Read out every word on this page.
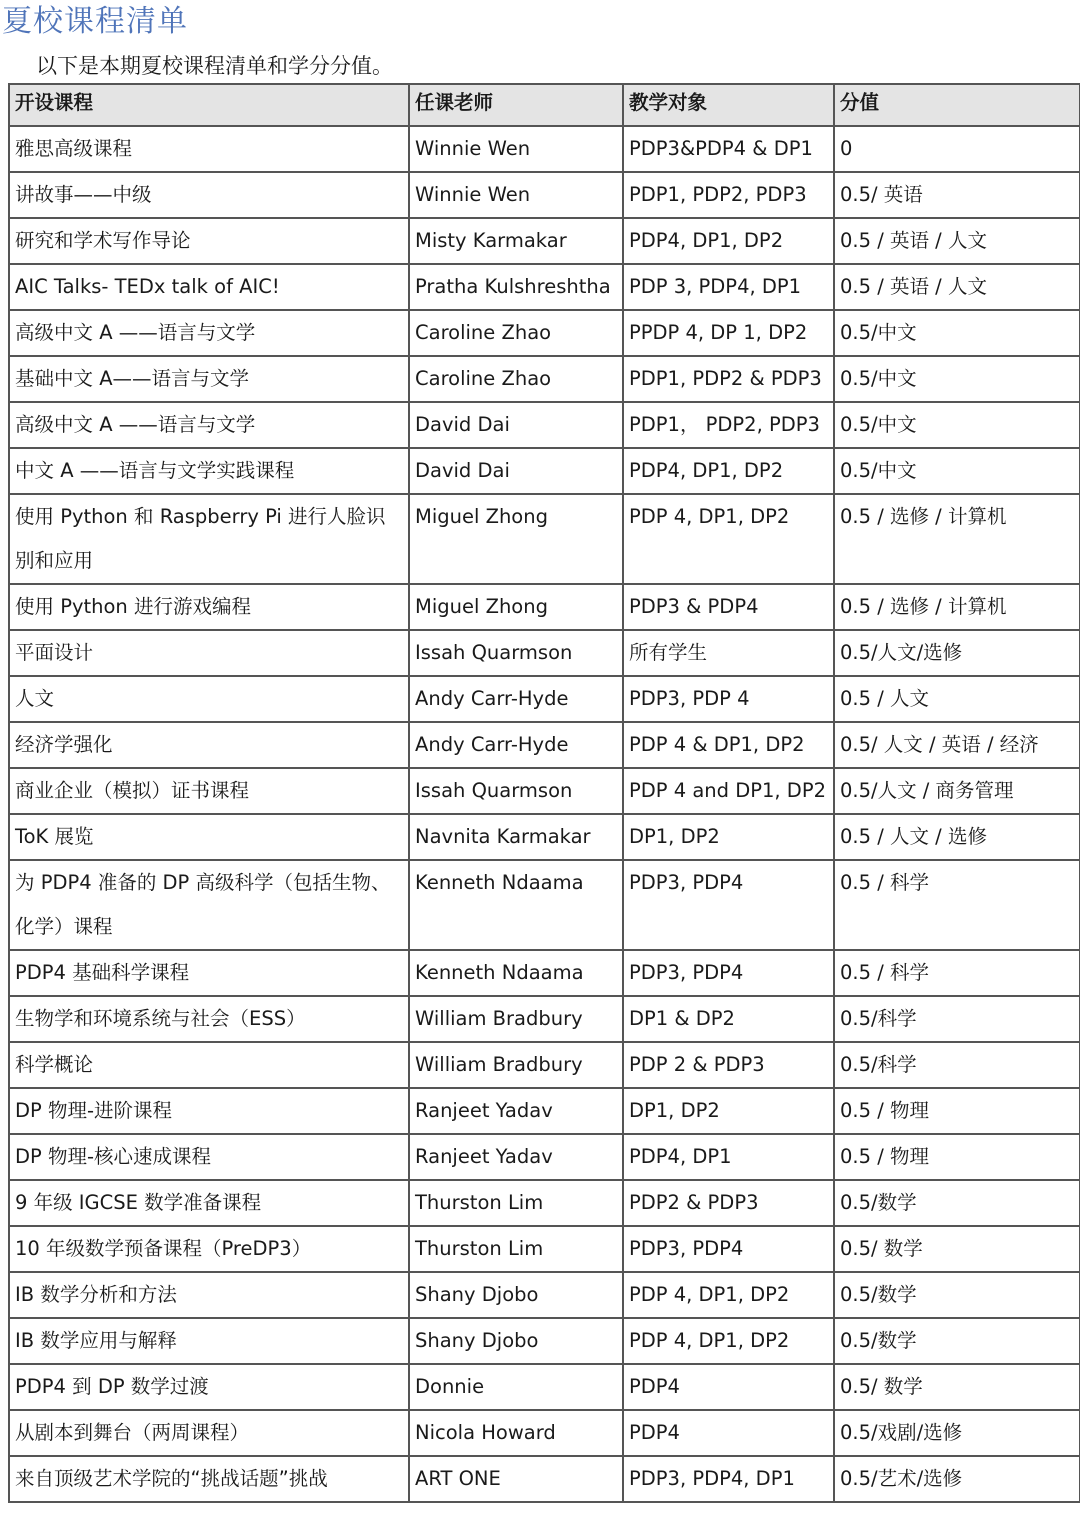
夏校课程清单
以下是本期夏校课程清单和学分分值。
开设课程	任课老师	教学对象	分值
雅思高级课程	Winnie Wen	PDP3&PDP4 & DP1	0
讲故事——中级	Winnie Wen	PDP1, PDP2, PDP3	0.5/ 英语
研究和学术写作导论	Misty Karmakar	PDP4, DP1, DP2	0.5 / 英语 / 人文
AIC Talks- TEDx talk of AIC!	Pratha Kulshreshtha	PDP 3, PDP4, DP1	0.5 / 英语 / 人文
高级中文 A ——语言与文学	Caroline Zhao	PPDP 4, DP 1, DP2	0.5/中文
基础中文 A——语言与文学	Caroline Zhao	PDP1, PDP2 & PDP3	0.5/中文
高级中文 A ——语言与文学	David Dai	PDP1， PDP2, PDP3	0.5/中文
中文 A ——语言与文学实践课程	David Dai	PDP4, DP1, DP2	0.5/中文
使用 Python 和 Raspberry Pi 进行人脸识别和应用	Miguel Zhong	PDP 4, DP1, DP2	0.5 / 选修 / 计算机
使用 Python 进行游戏编程	Miguel Zhong	PDP3 & PDP4	0.5 / 选修 / 计算机
平面设计	Issah Quarmson	所有学生	0.5/人文/选修
人文	Andy Carr-Hyde	PDP3, PDP 4	0.5 / 人文
经济学强化	Andy Carr-Hyde	PDP 4 & DP1, DP2	0.5/ 人文 / 英语 / 经济
商业企业（模拟）证书课程	Issah Quarmson	PDP 4 and DP1, DP2	0.5/人文 / 商务管理
ToK 展览	Navnita Karmakar	DP1, DP2	0.5 / 人文 / 选修
为 PDP4 准备的 DP 高级科学（包括生物、化学）课程	Kenneth Ndaama	PDP3, PDP4	0.5 / 科学
PDP4 基础科学课程	Kenneth Ndaama	PDP3, PDP4	0.5 / 科学
生物学和环境系统与社会（ESS）	William Bradbury	DP1 & DP2	0.5/科学
科学概论	William Bradbury	PDP 2 & PDP3	0.5/科学
DP 物理-进阶课程	Ranjeet Yadav	DP1, DP2	0.5 / 物理
DP 物理-核心速成课程	Ranjeet Yadav	PDP4, DP1	0.5 / 物理
9 年级 IGCSE 数学准备课程	Thurston Lim	PDP2 & PDP3	0.5/数学
10 年级数学预备课程（PreDP3）	Thurston Lim	PDP3, PDP4	0.5/ 数学
IB 数学分析和方法	Shany Djobo	PDP 4, DP1, DP2	0.5/数学
IB 数学应用与解释	Shany Djobo	PDP 4, DP1, DP2	0.5/数学
PDP4 到 DP 数学过渡	Donnie	PDP4	0.5/ 数学
从剧本到舞台（两周课程）	Nicola Howard	PDP4	0.5/戏剧/选修
来自顶级艺术学院的“挑战话题”挑战	ART ONE	PDP3, PDP4, DP1	0.5/艺术/选修
